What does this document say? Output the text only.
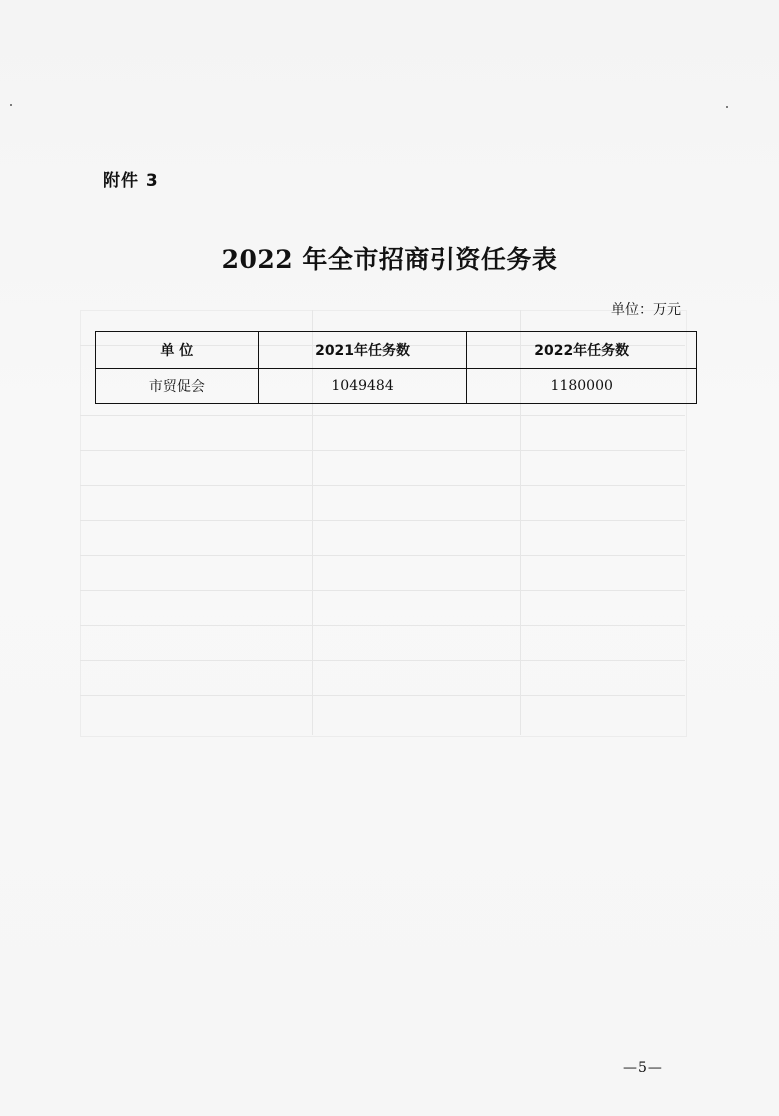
附件 3
2022 年全市招商引资任务表
单位：万元
单 位	2021年任务数	2022年任务数
市贸促会	1049484	1180000
—5—
